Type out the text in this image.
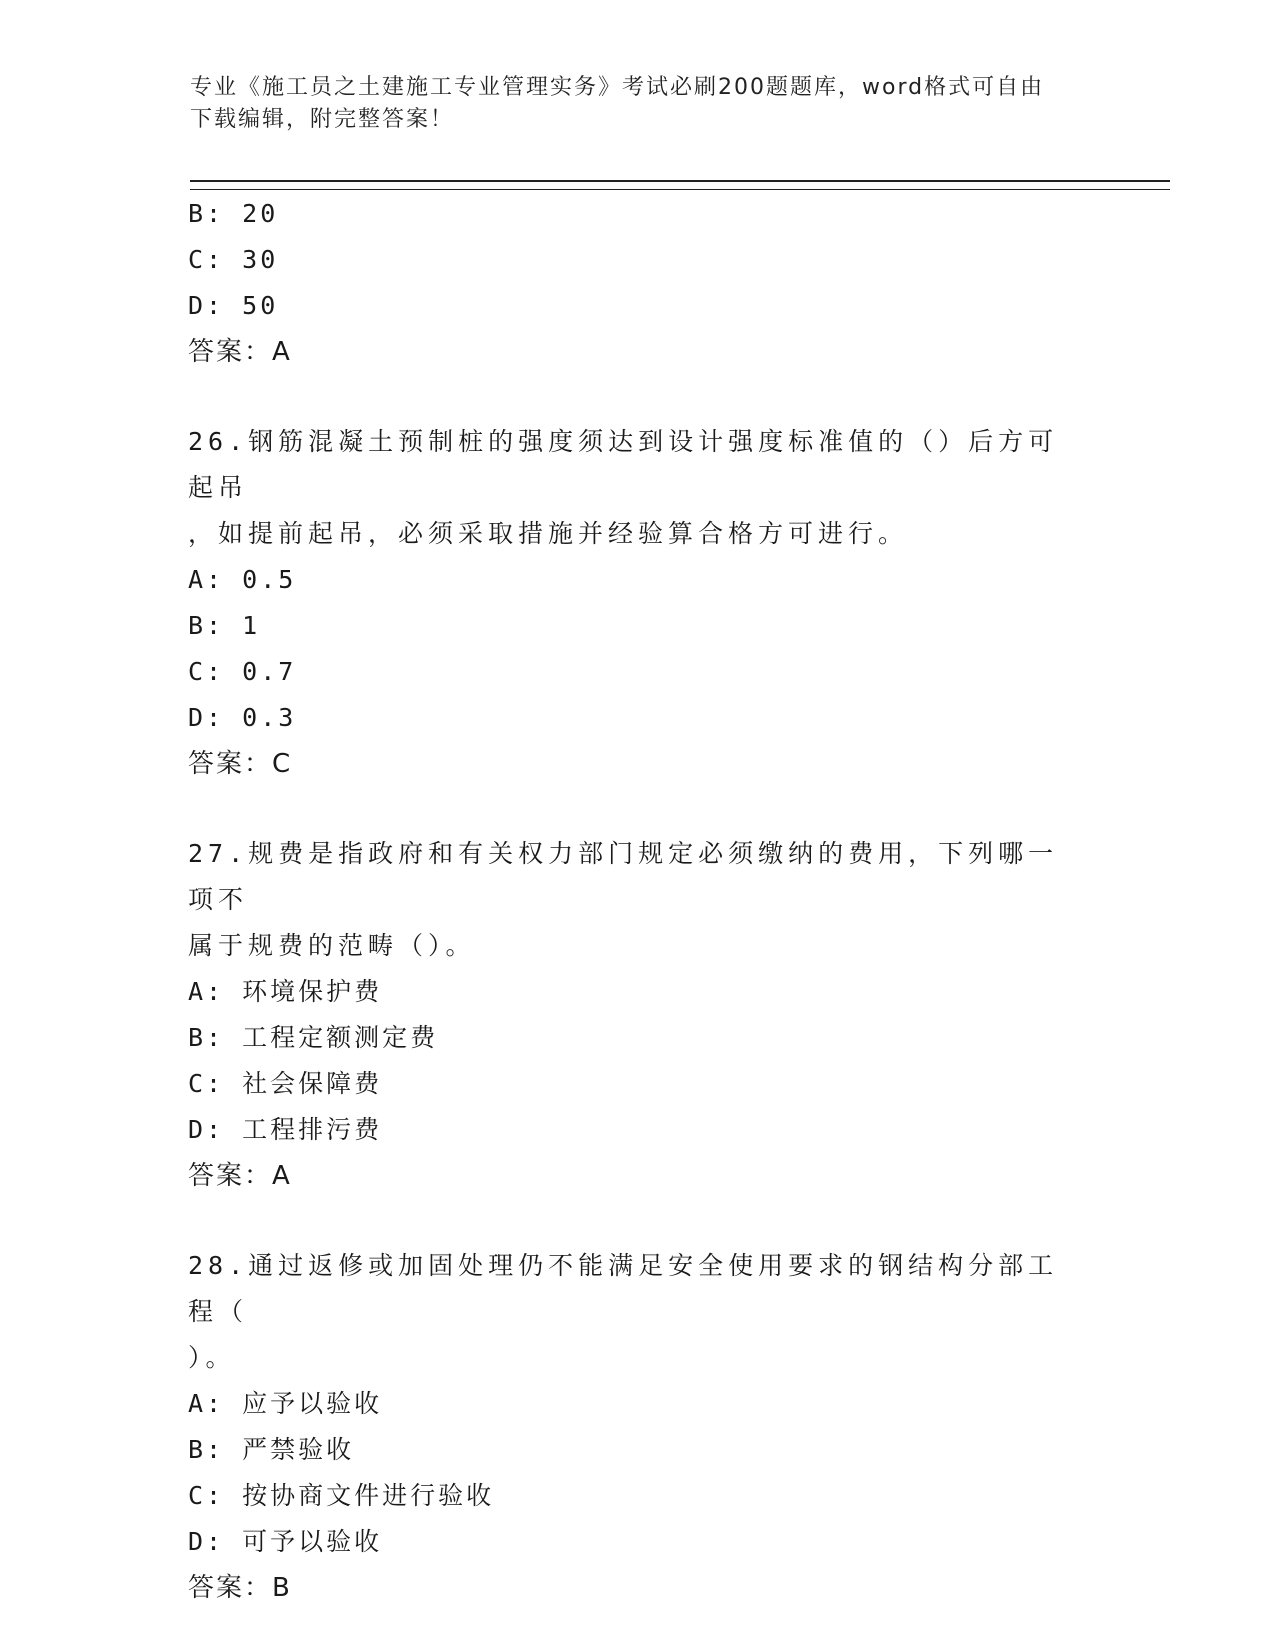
专业《施工员之土建施工专业管理实务》考试必刷200题题库，word格式可自由
下载编辑，附完整答案！
B: 20
C: 30
D: 50
答案：A
26.钢筋混凝土预制桩的强度须达到设计强度标准值的（）后方可起吊
，如提前起吊，必须采取措施并经验算合格方可进行。
A: 0.5
B: 1
C: 0.7
D: 0.3
答案：C
27.规费是指政府和有关权力部门规定必须缴纳的费用，下列哪一项不
属于规费的范畴（）。
A: 环境保护费
B: 工程定额测定费
C: 社会保障费
D: 工程排污费
答案：A
28.通过返修或加固处理仍不能满足安全使用要求的钢结构分部工程（
）。
A: 应予以验收
B: 严禁验收
C: 按协商文件进行验收
D: 可予以验收
答案：B
